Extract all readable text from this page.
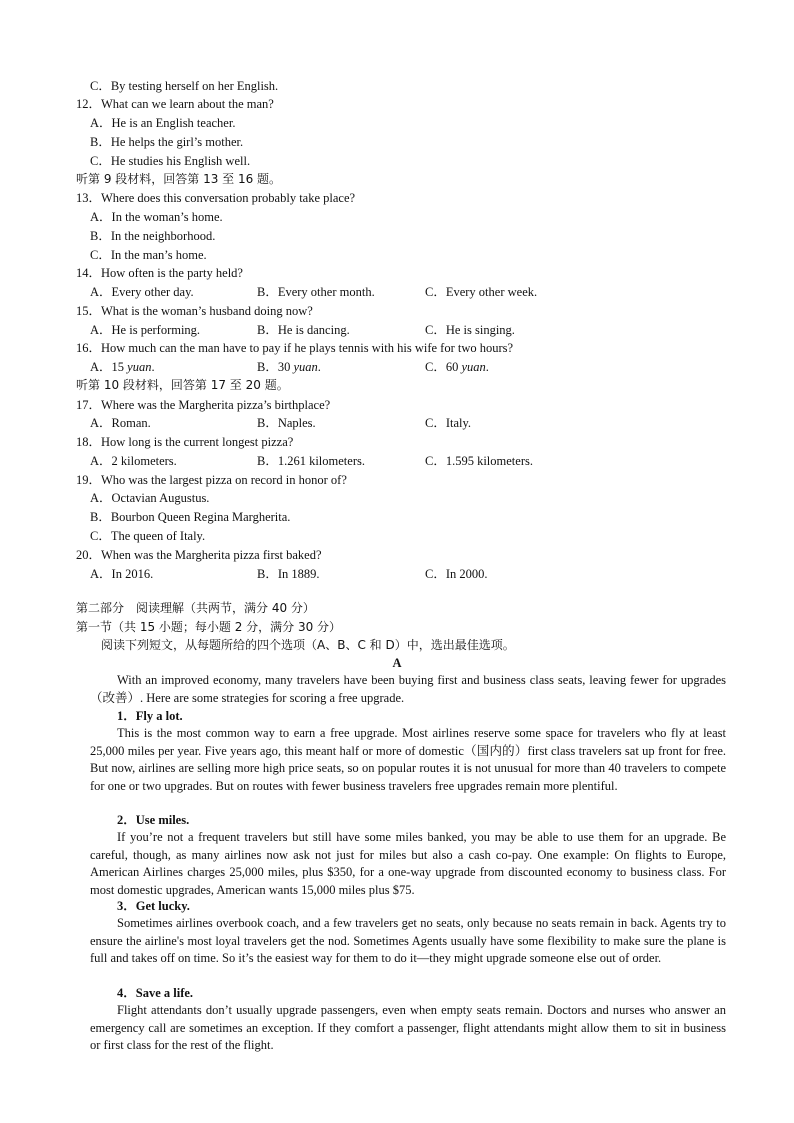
C．By testing herself on her English.
12．What can we learn about the man?
A．He is an English teacher.
B．He helps the girl’s mother.
C．He studies his English well.
听第 9 段材料，回答第 13 至 16 题。
13．Where does this conversation probably take place?
A．In the woman’s home.
B．In the neighborhood.
C．In the man’s home.
14．How often is the party held?
A．Every other day.	B．Every other month.	C．Every other week.
15．What is the woman’s husband doing now?
A．He is performing.	B．He is dancing.	C．He is singing.
16．How much can the man have to pay if he plays tennis with his wife for two hours?
A．15 yuan.	B．30 yuan.	C．60 yuan.
听第 10 段材料，回答第 17 至 20 题。
17．Where was the Margherita pizza’s birthplace?
A．Roman.	B．Naples.	C．Italy.
18．How long is the current longest pizza?
A．2 kilometers.	B．1.261 kilometers.	C．1.595 kilometers.
19．Who was the largest pizza on record in honor of?
A．Octavian Augustus.
B．Bourbon Queen Regina Margherita.
C．The queen of Italy.
20．When was the Margherita pizza first baked?
A．In 2016.	B．In 1889.	C．In 2000.
第二部分　阅读理解（共两节，满分 40 分）
第一节（共 15 小题；每小题 2 分，满分 30 分）
阅读下列短文，从每题所给的四个选项（A、B、C 和 D）中，选出最佳选项。
A

With an improved economy, many travelers have been buying first and business class seats, leaving fewer for upgrades（改善）. Here are some strategies for scoring a free upgrade.

1．Fly a lot.

This is the most common way to earn a free upgrade. Most airlines reserve some space for travelers who fly at least 25,000 miles per year. Five years ago, this meant half or more of domestic（国内的）first class travelers sat up front for free. But now, airlines are selling more high price seats, so on popular routes it is not unusual for more than 40 travelers to compete for one or two upgrades. But on routes with fewer business travelers free upgrades remain more plentiful.

2．Use miles.

If you’re not a frequent travelers but still have some miles banked, you may be able to use them for an upgrade. Be careful, though, as many airlines now ask not just for miles but also a cash co-pay. One example: On flights to Europe, American Airlines charges 25,000 miles, plus $350, for a one-way upgrade from discounted economy to business class. For most domestic upgrades, American wants 15,000 miles plus $75.

3．Get lucky.

Sometimes airlines overbook coach, and a few travelers get no seats, only because no seats remain in back. Agents try to ensure the airline's most loyal travelers get the nod. Sometimes Agents usually have some flexibility to make sure the plane is full and takes off on time. So it’s the easiest way for them to do it—they might upgrade someone else out of order.

4．Save a life.

Flight attendants don’t usually upgrade passengers, even when empty seats remain. Doctors and nurses who answer an emergency call are sometimes an exception. If they comfort a passenger, flight attendants might allow them to sit in business or first class for the rest of the flight.
